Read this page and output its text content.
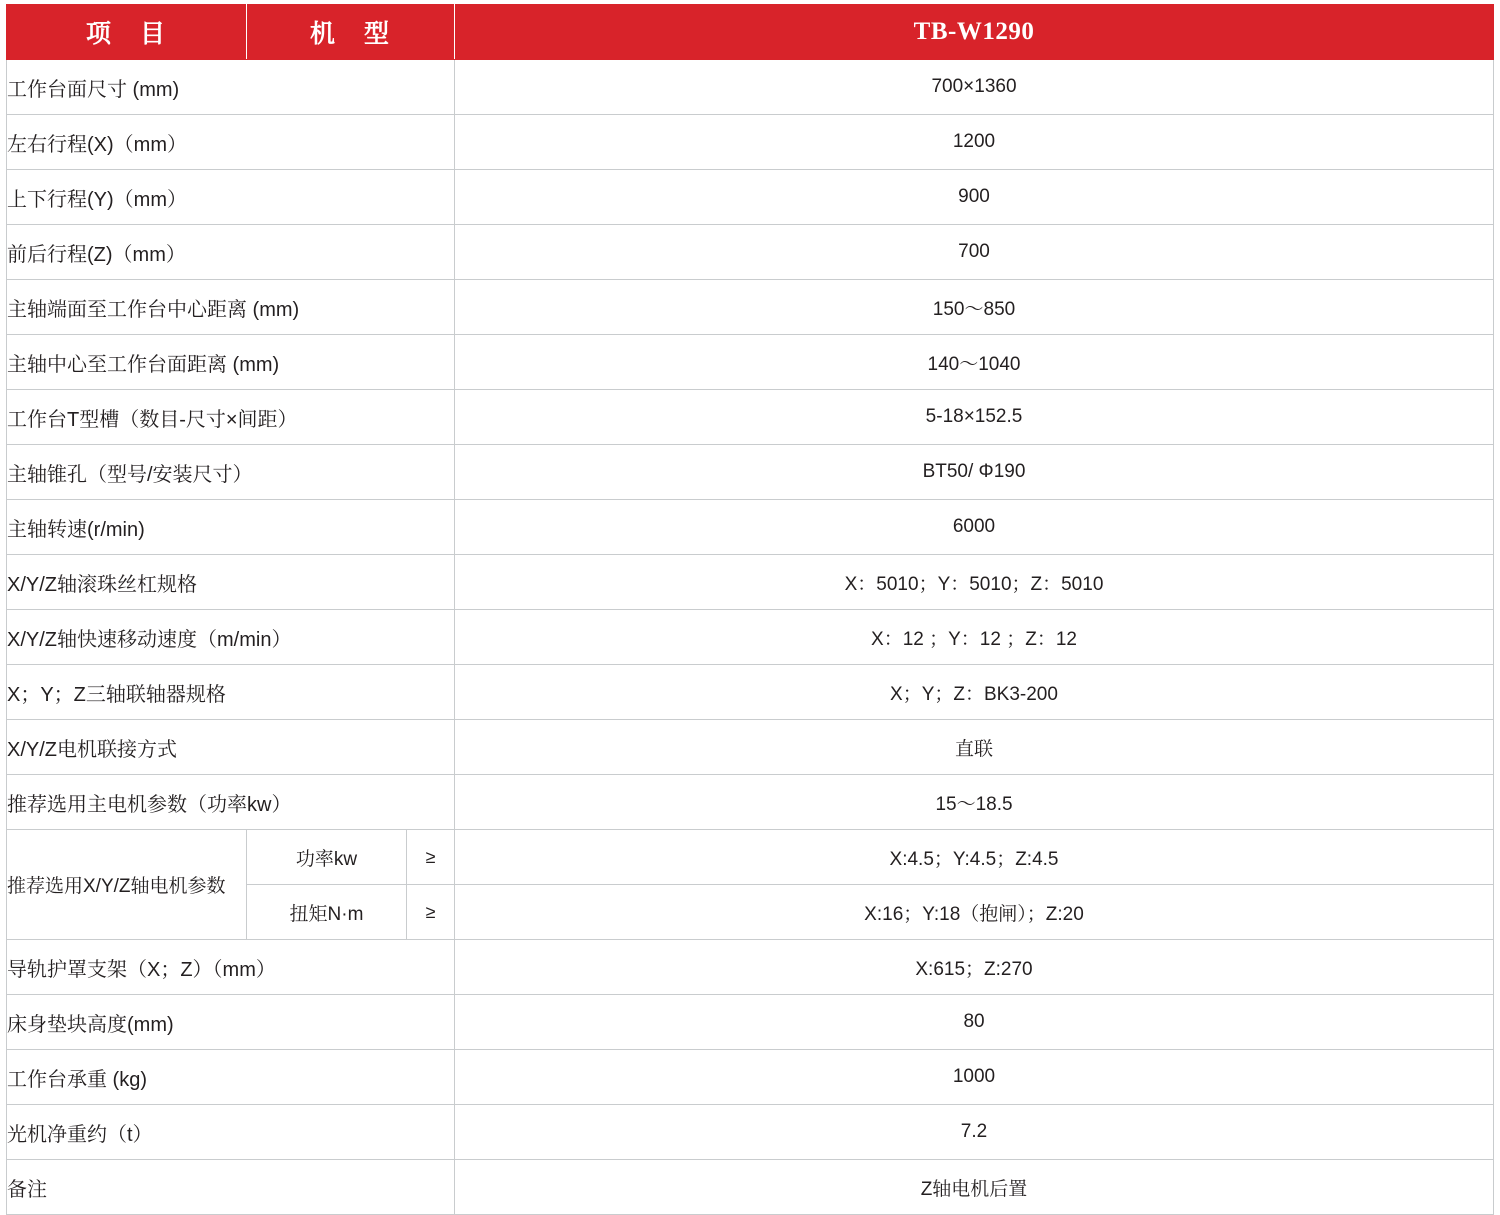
项　目	机　型		TB-W1290
工作台面尺寸 (mm)			700×1360
左右行程(X)（mm）			1200
上下行程(Y)（mm）			900
前后行程(Z)（mm）			700
主轴端面至工作台中心距离 (mm)			150～850
主轴中心至工作台面距离 (mm)			140～1040
工作台T型槽（数目-尺寸×间距）			5-18×152.5
主轴锥孔（型号/安装尺寸）			BT50/ Φ190
主轴转速(r/min)			6000
X/Y/Z轴滚珠丝杠规格			X：5010；Y：5010；Z：5010
X/Y/Z轴快速移动速度（m/min）			X：12 ；Y：12 ；Z：12
X；Y；Z三轴联轴器规格			X；Y；Z：BK3-200
X/Y/Z电机联接方式			直联
推荐选用主电机参数（功率kw）			15～18.5
推荐选用X/Y/Z轴电机参数	功率kw	≥	X:4.5；Y:4.5；Z:4.5
	扭矩N·m	≥	X:16；Y:18（抱闸）；Z:20
导轨护罩支架（X；Z）（mm）			X:615；Z:270
床身垫块高度(mm)			80
工作台承重 (kg)			1000
光机净重约（t）			7.2
备注			Z轴电机后置
